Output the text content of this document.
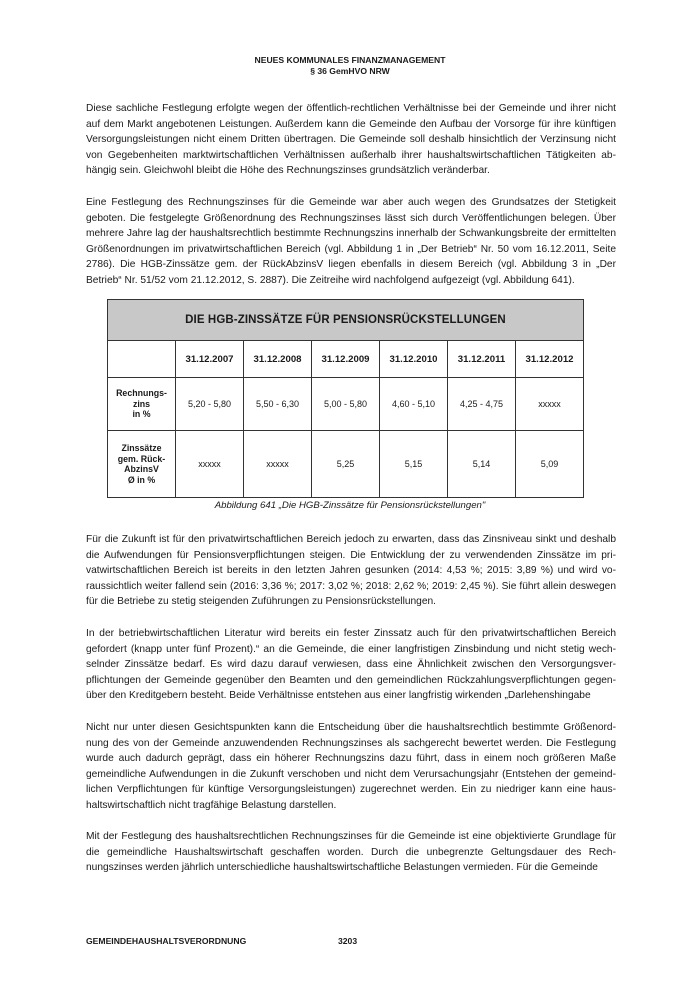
NEUES KOMMUNALES FINANZMANAGEMENT
§ 36 GemHVO NRW

Diese sachliche Festlegung erfolgte wegen der öffentlich-rechtlichen Verhältnisse bei der Gemeinde und ihrer nicht auf dem Markt angebotenen Leistungen. Außerdem kann die Gemeinde den Aufbau der Vorsorge für ihre künftigen Versorgungsleistungen nicht einem Dritten übertragen. Die Gemeinde soll deshalb hinsichtlich der Verzinsung nicht von Gegebenheiten marktwirtschaftlichen Verhältnissen außerhalb ihrer haushaltswirtschaftlichen Tätigkeiten abhängig sein. Gleichwohl bleibt die Höhe des Rechnungszinses grundsätzlich veränderbar.

Eine Festlegung des Rechnungszinses für die Gemeinde war aber auch wegen des Grundsatzes der Stetigkeit geboten. Die festgelegte Größenordnung des Rechnungszinses lässt sich durch Veröffentlichungen belegen. Über mehrere Jahre lag der haushaltsrechtlich bestimmte Rechnungszins innerhalb der Schwankungsbreite der ermittelten Größenordnungen im privatwirtschaftlichen Bereich (vgl. Abbildung 1 in „Der Betrieb“ Nr. 50 vom 16.12.2011, Seite 2786). Die HGB-Zinssätze gem. der RückAbzinsV liegen ebenfalls in diesem Bereich (vgl. Abbildung 3 in „Der Betrieb“ Nr. 51/52 vom 21.12.2012, S. 2887). Die Zeitreihe wird nachfolgend aufgezeigt (vgl. Abbildung 641).

DIE HGB-ZINSSÄTZE FÜR PENSIONSRÜCKSTELLUNGEN						
	31.12.2007	31.12.2008	31.12.2009	31.12.2010	31.12.2011	31.12.2012

Rechnungs-
zins
in %	5,20 - 5,80	5,50 - 6,30	5,00 - 5,80	4,60 - 5,10	4,25 - 4,75	xxxxx

Zinssätze
gem. Rück-
AbzinsV
Ø in %	xxxxx	xxxxx	5,25	5,15	5,14	5,09
Abbildung 641 „Die HGB-Zinssätze für Pensionsrückstellungen"

Für die Zukunft ist für den privatwirtschaftlichen Bereich jedoch zu erwarten, dass das Zinsniveau sinkt und deshalb die Aufwendungen für Pensionsverpflichtungen steigen. Die Entwicklung der zu verwendenden Zinssätze im privatwirtschaftlichen Bereich ist bereits in den letzten Jahren gesunken (2014: 4,53 %; 2015: 3,89 %) und wird voraussichtlich weiter fallend sein (2016: 3,36 %; 2017: 3,02 %; 2018: 2,62 %; 2019: 2,45 %). Sie führt allein deswegen für die Betriebe zu stetig steigenden Zuführungen zu Pensionsrückstellungen.

In der betriebwirtschaftlichen Literatur wird bereits ein fester Zinssatz auch für den privatwirtschaftlichen Bereich gefordert (knapp unter fünf Prozent).“ an die Gemeinde, die einer langfristigen Zinsbindung und nicht stetig wechselnder Zinssätze bedarf. Es wird dazu darauf verwiesen, dass eine Ähnlichkeit zwischen den Versorgungsverpflichtungen der Gemeinde gegenüber den Beamten und den gemeindlichen Rückzahlungsverpflichtungen gegenüber den Kreditgebern besteht. Beide Verhältnisse entstehen aus einer langfristig wirkenden „Darlehenshingabe

Nicht nur unter diesen Gesichtspunkten kann die Entscheidung über die haushaltsrechtlich bestimmte Größenordnung des von der Gemeinde anzuwendenden Rechnungszinses als sachgerecht bewertet werden. Die Festlegung wurde auch dadurch geprägt, dass ein höherer Rechnungszins dazu führt, dass in einem noch größeren Maße gemeindliche Aufwendungen in die Zukunft verschoben und nicht dem Verursachungsjahr (Entstehen der gemeindlichen Verpflichtungen für künftige Versorgungsleistungen) zugerechnet werden. Ein zu niedriger kann eine haushaltswirtschaftlich nicht tragfähige Belastung darstellen.

Mit der Festlegung des haushaltsrechtlichen Rechnungszinses für die Gemeinde ist eine objektivierte Grundlage für die gemeindliche Haushaltswirtschaft geschaffen worden. Durch die unbegrenzte Geltungsdauer des Rechnungszinses werden jährlich unterschiedliche haushaltswirtschaftliche Belastungen vermieden. Für die Gemeinde

GEMEINDEHAUSHALTSVERORDNUNG	3203
